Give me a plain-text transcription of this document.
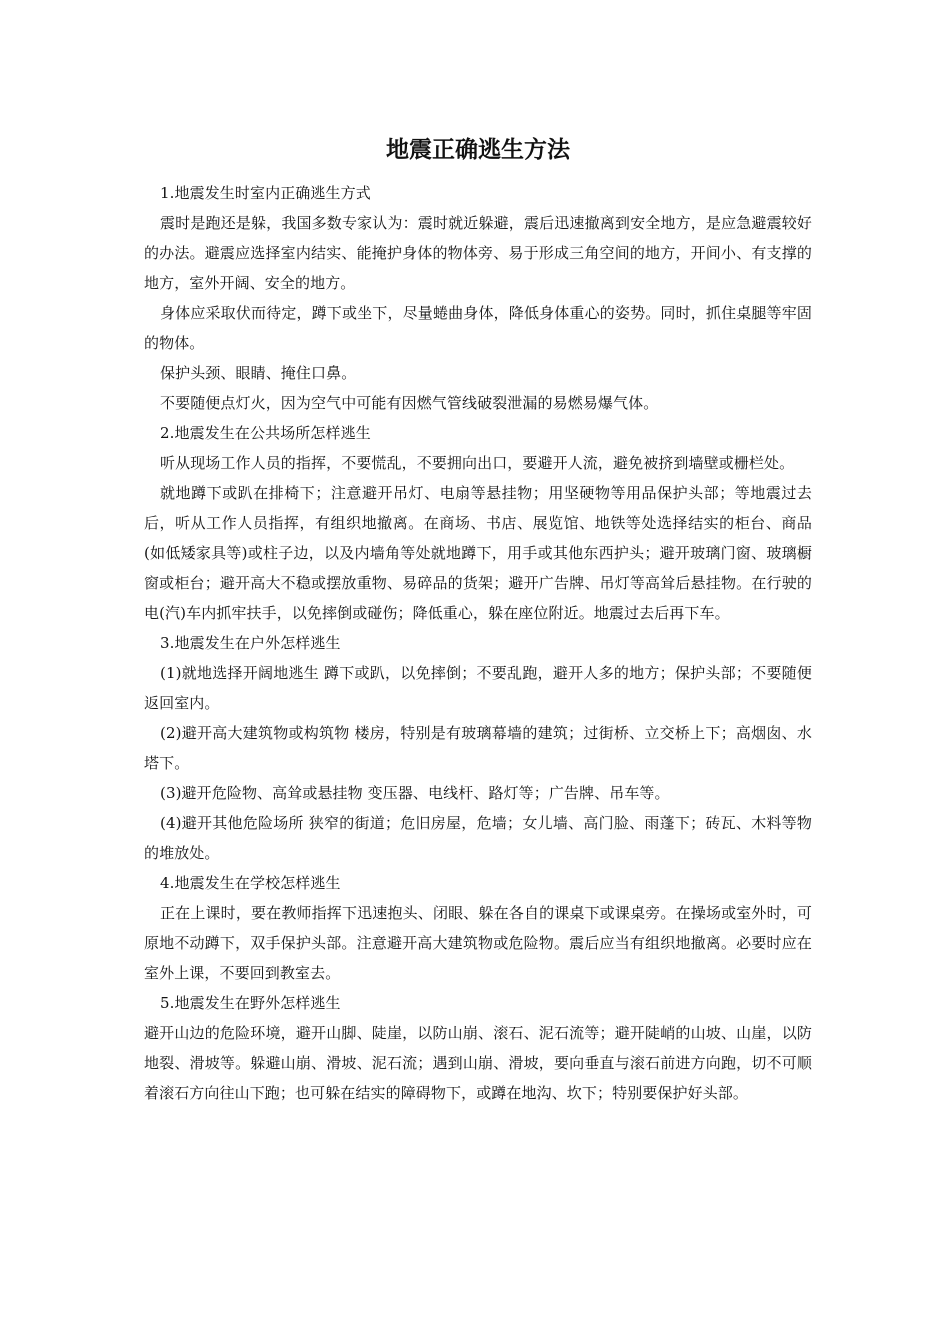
地震正确逃生方法

1.地震发生时室内正确逃生方式

震时是跑还是躲，我国多数专家认为：震时就近躲避，震后迅速撤离到安全地方，是应急避震较好的办法。避震应选择室内结实、能掩护身体的物体旁、易于形成三角空间的地方，开间小、有支撑的地方，室外开阔、安全的地方。

身体应采取伏而待定，蹲下或坐下，尽量蜷曲身体，降低身体重心的姿势。同时，抓住桌腿等牢固的物体。

保护头颈、眼睛、掩住口鼻。

不要随便点灯火，因为空气中可能有因燃气管线破裂泄漏的易燃易爆气体。

2.地震发生在公共场所怎样逃生

听从现场工作人员的指挥，不要慌乱，不要拥向出口，要避开人流，避免被挤到墙壁或栅栏处。

就地蹲下或趴在排椅下；注意避开吊灯、电扇等悬挂物；用坚硬物等用品保护头部；等地震过去后，听从工作人员指挥，有组织地撤离。在商场、书店、展览馆、地铁等处选择结实的柜台、商品(如低矮家具等)或柱子边，以及内墙角等处就地蹲下，用手或其他东西护头；避开玻璃门窗、玻璃橱窗或柜台；避开高大不稳或摆放重物、易碎品的货架；避开广告牌、吊灯等高耸后悬挂物。在行驶的电(汽)车内抓牢扶手，以免摔倒或碰伤；降低重心，躲在座位附近。地震过去后再下车。

3.地震发生在户外怎样逃生

(1)就地选择开阔地逃生 蹲下或趴，以免摔倒；不要乱跑，避开人多的地方；保护头部；不要随便返回室内。

(2)避开高大建筑物或构筑物 楼房，特别是有玻璃幕墙的建筑；过街桥、立交桥上下；高烟囱、水塔下。

(3)避开危险物、高耸或悬挂物 变压器、电线杆、路灯等；广告牌、吊车等。

(4)避开其他危险场所 狭窄的街道；危旧房屋，危墙；女儿墙、高门脸、雨蓬下；砖瓦、木料等物的堆放处。

4.地震发生在学校怎样逃生

正在上课时，要在教师指挥下迅速抱头、闭眼、躲在各自的课桌下或课桌旁。在操场或室外时，可原地不动蹲下，双手保护头部。注意避开高大建筑物或危险物。震后应当有组织地撤离。必要时应在室外上课，不要回到教室去。

5.地震发生在野外怎样逃生

避开山边的危险环境，避开山脚、陡崖，以防山崩、滚石、泥石流等；避开陡峭的山坡、山崖，以防地裂、滑坡等。躲避山崩、滑坡、泥石流；遇到山崩、滑坡，要向垂直与滚石前进方向跑，切不可顺着滚石方向往山下跑；也可躲在结实的障碍物下，或蹲在地沟、坎下；特别要保护好头部。
